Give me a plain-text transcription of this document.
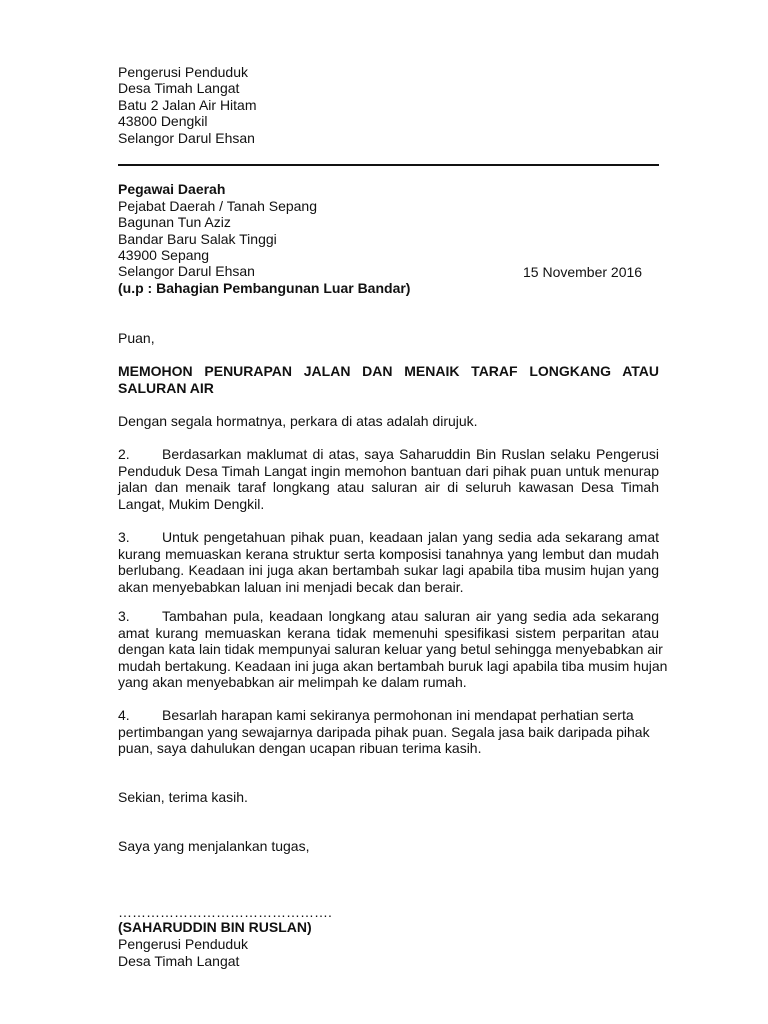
Pengerusi Penduduk
Desa Timah Langat
Batu 2 Jalan Air Hitam
43800 Dengkil
Selangor Darul Ehsan
Pegawai Daerah
Pejabat Daerah / Tanah Sepang
Bagunan Tun Aziz
Bandar Baru Salak Tinggi
43900 Sepang
Selangor Darul Ehsan
(u.p : Bahagian Pembangunan Luar Bandar)
Puan,
MEMOHON PENURAPAN JALAN DAN MENAIK TARAF LONGKANG ATAU
SALURAN AIR
Dengan segala hormatnya, perkara di atas adalah dirujuk.
2.	Berdasarkan maklumat di atas, saya Saharuddin Bin Ruslan selaku Pengerusi
Penduduk Desa Timah Langat ingin memohon bantuan dari pihak puan untuk menurap
jalan dan menaik taraf longkang atau saluran air di seluruh kawasan Desa Timah
Langat, Mukim Dengkil.
3.	Untuk pengetahuan pihak puan, keadaan jalan yang sedia ada sekarang amat
kurang memuaskan kerana struktur serta komposisi tanahnya yang lembut dan mudah
berlubang. Keadaan ini juga akan bertambah sukar lagi apabila tiba musim hujan yang
akan menyebabkan laluan ini menjadi becak dan berair.
3.	Tambahan pula, keadaan longkang atau saluran air yang sedia ada sekarang
amat kurang memuaskan kerana tidak memenuhi spesifikasi sistem perparitan atau
dengan kata lain tidak mempunyai saluran keluar yang betul sehingga menyebabkan air
mudah bertakung. Keadaan ini juga akan bertambah buruk lagi apabila tiba musim hujan
yang akan menyebabkan air melimpah ke dalam rumah.
4. Besarlah harapan kami sekiranya permohonan ini mendapat perhatian serta
pertimbangan yang sewajarnya daripada pihak puan. Segala jasa baik daripada pihak
puan, saya dahulukan dengan ucapan ribuan terima kasih.
Sekian, terima kasih.
Saya yang menjalankan tugas,
……………………………………….
(SAHARUDDIN BIN RUSLAN)
Pengerusi Penduduk
Desa Timah Langat
15 November 2016
